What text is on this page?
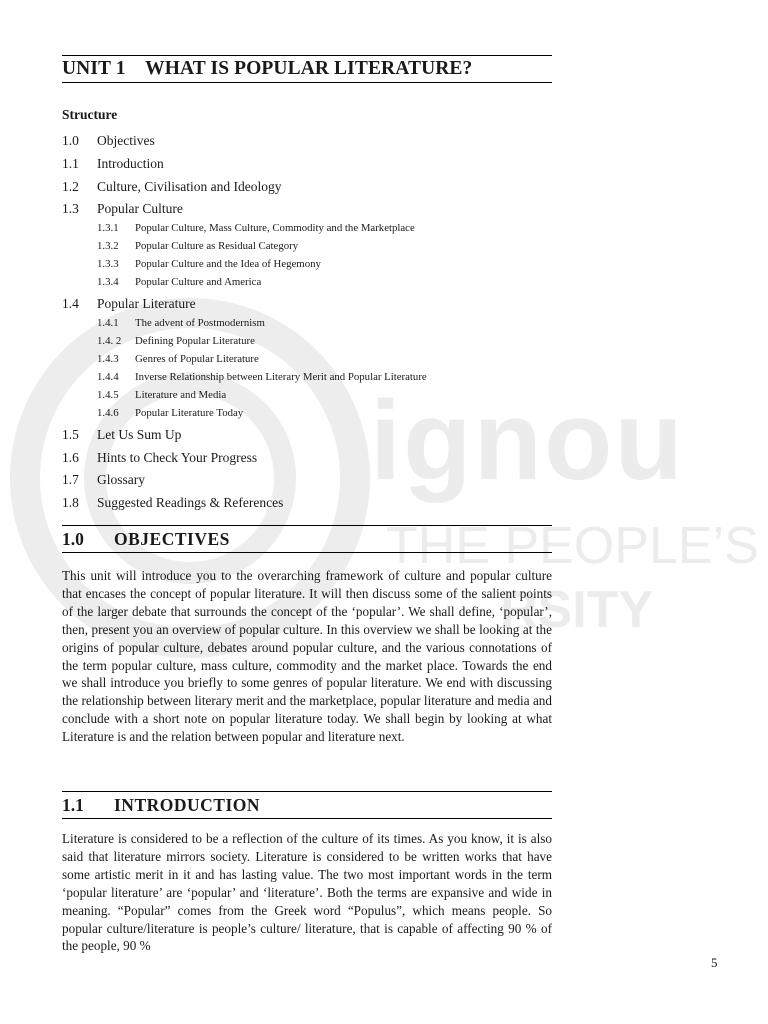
ignou
THE PEOPLE’S
RSITY
UNIT 1    WHAT IS POPULAR LITERATURE?
Structure
1.0 Objectives
1.1 Introduction
1.2 Culture, Civilisation and Ideology
1.3 Popular Culture
1.3.1 Popular Culture, Mass Culture, Commodity and the Marketplace
1.3.2 Popular Culture as Residual Category
1.3.3 Popular Culture and the Idea of Hegemony
1.3.4 Popular Culture and America
1.4 Popular Literature
1.4.1 The advent of Postmodernism
1.4. 2 Defining Popular Literature
1.4.3 Genres of Popular Literature
1.4.4 Inverse Relationship between Literary Merit and Popular Literature
1.4.5 Literature and Media
1.4.6 Popular Literature Today
1.5 Let Us Sum Up
1.6 Hints to Check Your Progress
1.7 Glossary
1.8 Suggested Readings & References
1.0 OBJECTIVES
This unit will introduce you to the overarching framework of culture and popular culture that encases the concept of popular literature. It will then discuss some of the salient points of the larger debate that surrounds the concept of the ‘popular’. We shall define, ‘popular’, then, present you an overview of popular culture. In this overview we shall be looking at the origins of popular culture, debates around popular culture, and the various connotations of the term popular culture, mass culture, commodity and the market place. Towards the end we shall introduce you briefly to some genres of popular literature. We end with discussing the relationship between literary merit and the marketplace, popular literature and media and conclude with a short note on popular literature today. We shall begin by looking at what Literature is and the relation between popular and literature next.
1.1 INTRODUCTION
Literature is considered to be a reflection of the culture of its times. As you know, it is also said that literature mirrors society. Literature is considered to be written works that have some artistic merit in it and has lasting value. The two most important words in the term ‘popular literature’ are ‘popular’ and ‘literature’. Both the terms are expansive and wide in meaning. “Popular” comes from the Greek word “Populus”, which means people. So popular culture/literature is people’s culture/ literature, that is capable of affecting 90 % of the people, 90 %
5
